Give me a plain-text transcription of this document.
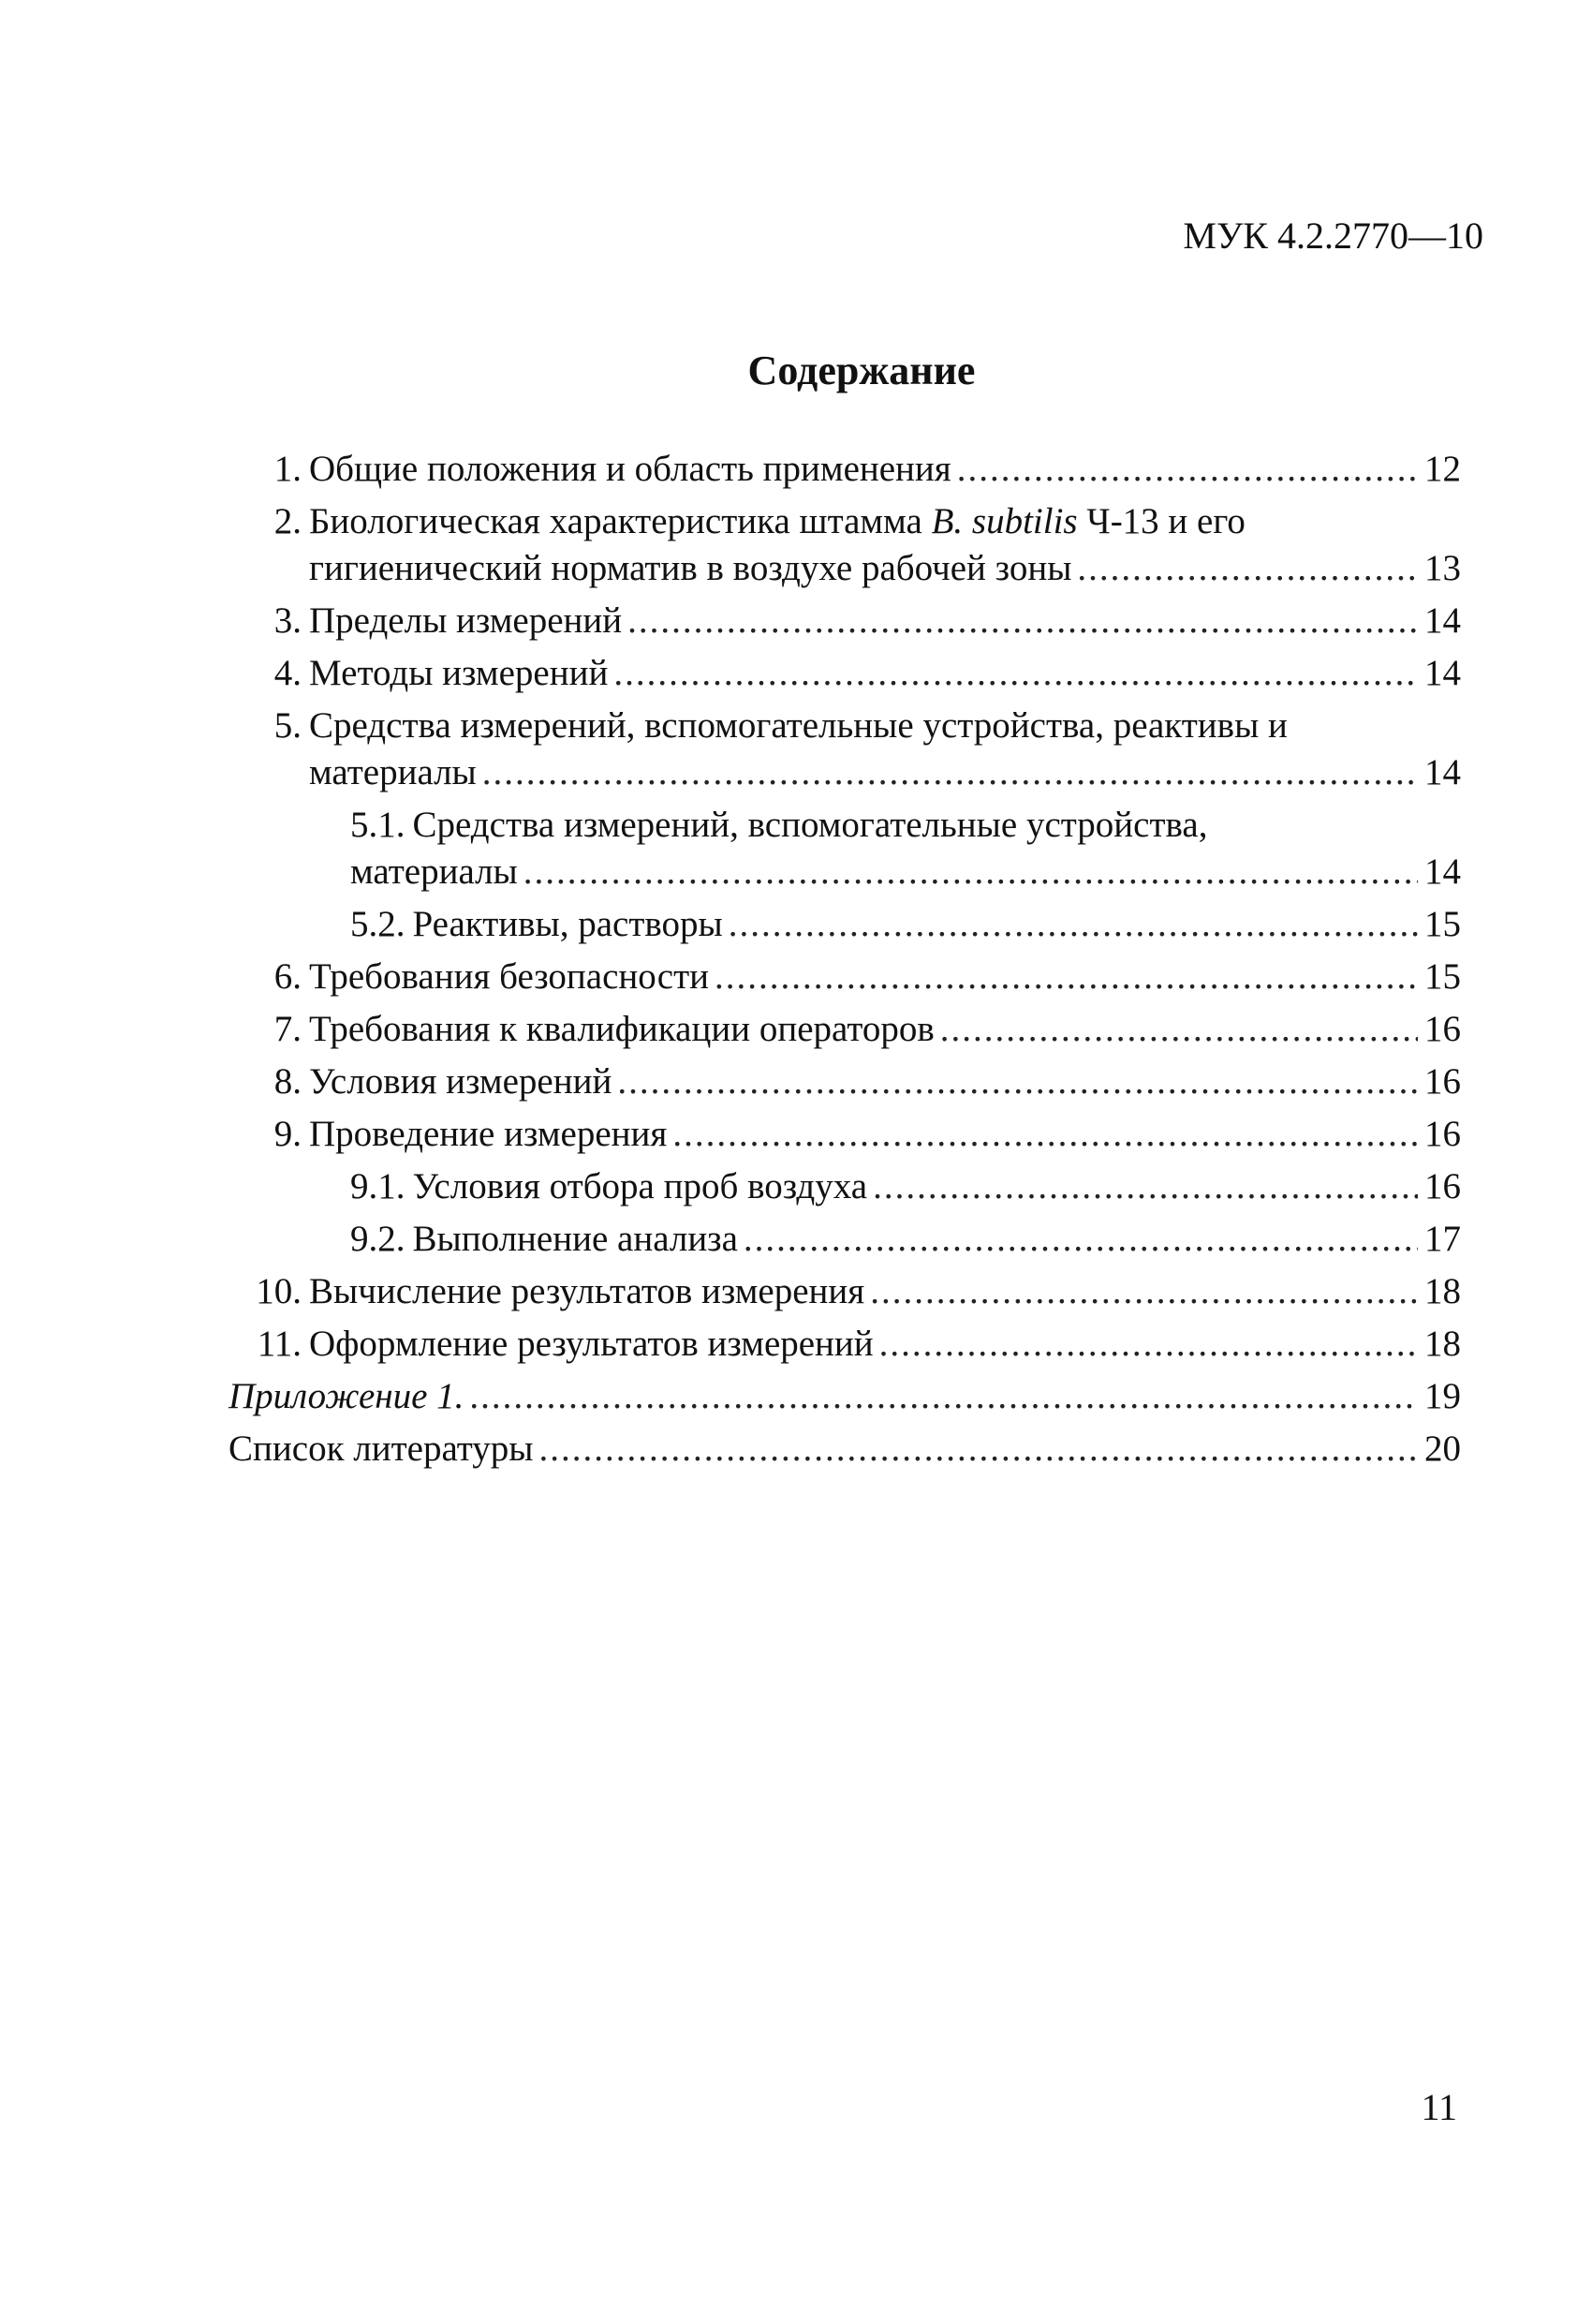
МУК 4.2.2770—10
Содержание
1. Общие положения и область применения .....	12
2. Биологическая характеристика штамма B. subtilis Ч-13 и его
гигиенический норматив в воздухе рабочей зоны .....	13
3. Пределы измерений .....	14
4. Методы измерений .....	14
5. Средства измерений, вспомогательные устройства, реактивы и
материалы .....	14
5.1. Средства измерений, вспомогательные устройства,
материалы .....	14
5.2. Реактивы, растворы .....	15
6. Требования безопасности .....	15
7. Требования к квалификации операторов .....	16
8. Условия измерений .....	16
9. Проведение измерения .....	16
9.1. Условия отбора проб воздуха .....	16
9.2. Выполнение анализа .....	17
10. Вычисление результатов измерения .....	18
11. Оформление результатов измерений .....	18
Приложение 1. .....	19
Список литературы .....	20
11
